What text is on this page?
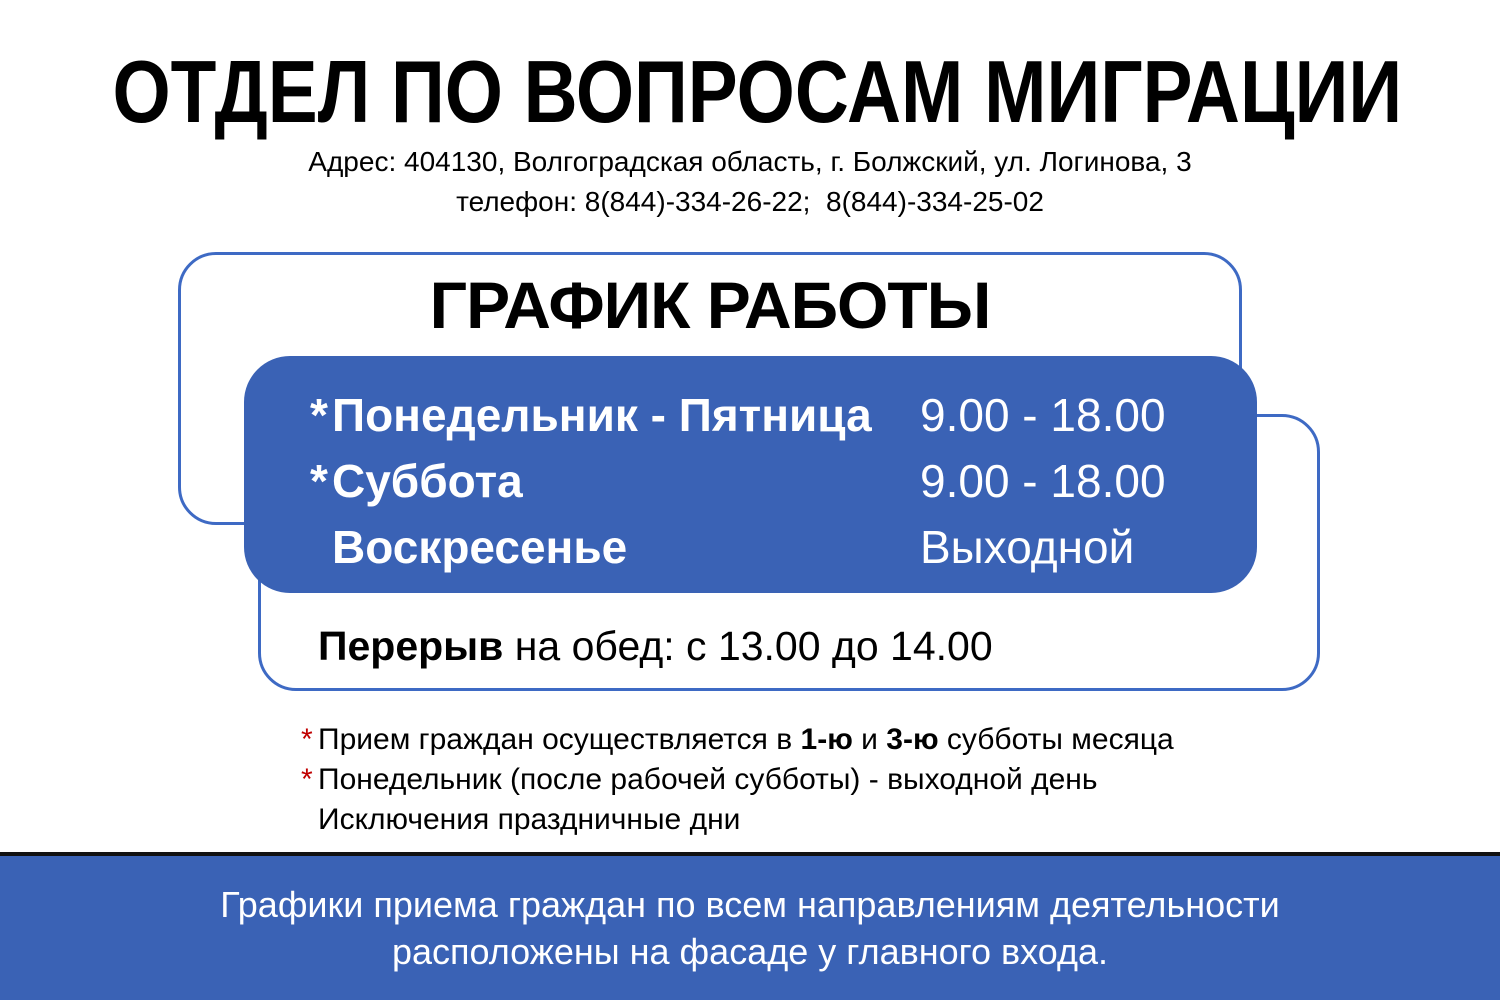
ОТДЕЛ ПО ВОПРОСАМ МИГРАЦИИ
Адрес: 404130, Волгоградская область, г. Болжский, ул. Логинова, 3
телефон: 8(844)-334-26-22;  8(844)-334-25-02
ГРАФИК РАБОТЫ
* Понедельник - Пятница 9.00 - 18.00
* Суббота	9.00 - 18.00
Воскресенье	Выходной
Перерыв на обед: с 13.00 до 14.00
* Прием граждан осуществляется в 1-ю и 3-ю субботы месяца
* Понедельник (после рабочей субботы) - выходной день
Исключения праздничные дни
Графики приема граждан по всем направлениям деятельности
расположены на фасаде у главного входа.
